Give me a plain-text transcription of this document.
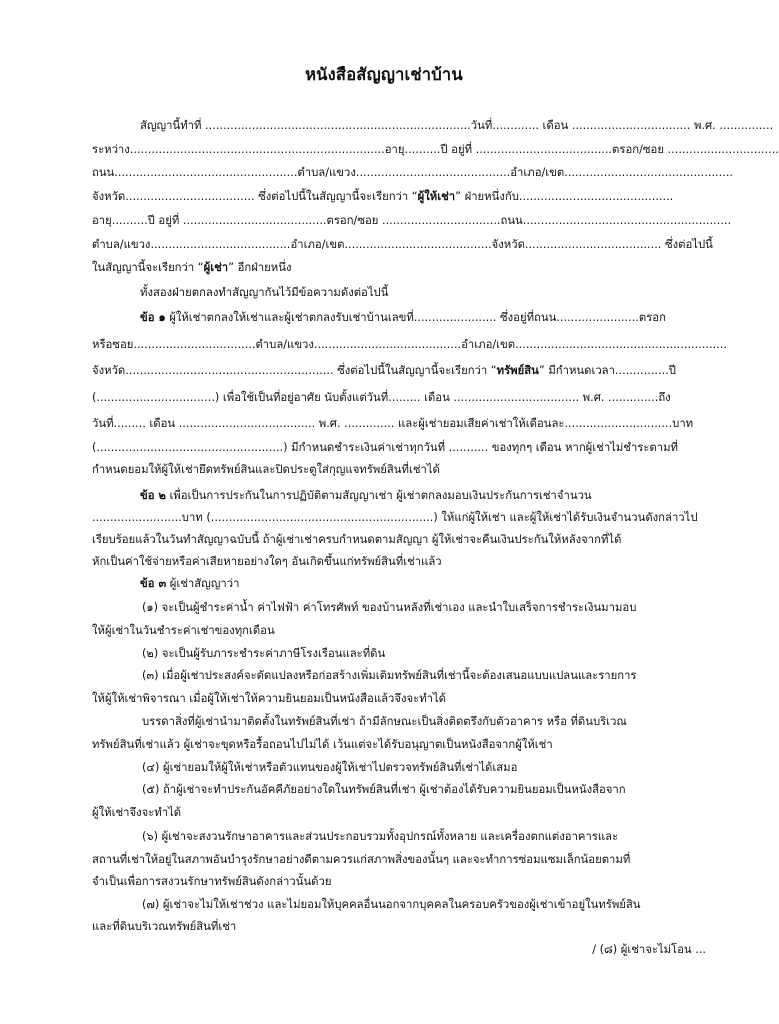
หนังสือสัญญาเช่าบ้าน
สัญญานี้ทำที่ ..........................................................................วันที่............. เดือน ................................. พ.ศ. ...............
ระหว่าง.......................................................................อายุ..........ปี อยู่ที่ ......................................ตรอก/ซอย ...............................
ถนน...................................................ตำบล/แขวง...........................................อำเภอ/เขต...............................................
จังหวัด.................................... ซึ่งต่อไปนี้ในสัญญานี้จะเรียกว่า “ผู้ให้เช่า” ฝ่ายหนึ่งกับ...........................................
อายุ..........ปี อยู่ที่ ........................................ตรอก/ซอย .................................ถนน..........................................................
ตำบล/แขวง.......................................อำเภอ/เขต.........................................จังหวัด...................................... ซึ่งต่อไปนี้
ในสัญญานี้จะเรียกว่า “ผู้เช่า” อีกฝ่ายหนึ่ง
ทั้งสองฝ่ายตกลงทำสัญญากันไว้มีข้อความดังต่อไปนี้
ข้อ ๑ ผู้ให้เช่าตกลงให้เช่าและผู้เช่าตกลงรับเช่าบ้านเลขที่....................... ซึ่งอยู่ที่ถนน.......................ตรอก
หรือซอย..................................ตำบล/แขวง.........................................อำเภอ/เขต...........................................................
จังหวัด.......................................................... ซึ่งต่อไปนี้ในสัญญานี้จะเรียกว่า “ทรัพย์สิน” มีกำหนดเวลา...............ปี
(.................................) เพื่อใช้เป็นที่อยู่อาศัย นับตั้งแต่วันที่......... เดือน ................................... พ.ศ. ..............ถึง
วันที่......... เดือน ...................................... พ.ศ. .............. และผู้เช่ายอมเสียค่าเช่าให้เดือนละ..............................บาท
(....................................................) มีกำหนดชำระเงินค่าเช่าทุกวันที่ ........... ของทุกๆ เดือน หากผู้เช่าไม่ชำระตามที่
กำหนดยอมให้ผู้ให้เช่ายึดทรัพย์สินและปิดประตูใส่กุญแจทรัพย์สินที่เช่าได้
ข้อ ๒ เพื่อเป็นการประกันในการปฏิบัติตามสัญญาเช่า ผู้เช่าตกลงมอบเงินประกันการเช่าจำนวน
.........................บาท (..............................................................) ให้แก่ผู้ให้เช่า และผู้ให้เช่าได้รับเงินจำนวนดังกล่าวไป
เรียบร้อยแล้วในวันทำสัญญาฉบับนี้ ถ้าผู้เช่าเช่าครบกำหนดตามสัญญา ผู้ให้เช่าจะคืนเงินประกันให้หลังจากที่ได้
หักเป็นค่าใช้จ่ายหรือค่าเสียหายอย่างใดๆ อันเกิดขึ้นแก่ทรัพย์สินที่เช่าแล้ว
ข้อ ๓ ผู้เช่าสัญญาว่า
(๑) จะเป็นผู้ชำระค่าน้ำ ค่าไฟฟ้า ค่าโทรศัพท์ ของบ้านหลังที่เช่าเอง และนำใบเสร็จการชำระเงินมามอบ
ให้ผู้เช่าในวันชำระค่าเช่าของทุกเดือน
(๒) จะเป็นผู้รับภาระชำระค่าภาษีโรงเรือนและที่ดิน
(๓) เมื่อผู้เช่าประสงค์จะดัดแปลงหรือก่อสร้างเพิ่มเติมทรัพย์สินที่เช่านี้จะต้องเสนอแบบแปลนและรายการ
ให้ผู้ให้เช่าพิจารณา เมื่อผู้ให้เช่าให้ความยินยอมเป็นหนังสือแล้วจึงจะทำได้
บรรดาสิ่งที่ผู้เช่านำมาติดตั้งในทรัพย์สินที่เช่า ถ้ามีลักษณะเป็นสิ่งติดตรึงกับตัวอาคาร หรือ ที่ดินบริเวณ
ทรัพย์สินที่เช่าแล้ว ผู้เช่าจะขุดหรือรื้อถอนไปไม่ได้ เว้นแต่จะได้รับอนุญาตเป็นหนังสือจากผู้ให้เช่า
(๔) ผู้เช่ายอมให้ผู้ให้เช่าหรือตัวแทนของผู้ให้เช่าไปตรวจทรัพย์สินที่เช่าได้เสมอ
(๕) ถ้าผู้เช่าจะทำประกันอัคคีภัยอย่างใดในทรัพย์สินที่เช่า ผู้เช่าต้องได้รับความยินยอมเป็นหนังสือจาก
ผู้ให้เช่าจึงจะทำได้
(๖) ผู้เช่าจะสงวนรักษาอาคารและส่วนประกอบรวมทั้งอุปกรณ์ทั้งหลาย และเครื่องตกแต่งอาคารและ
สถานที่เช่าให้อยู่ในสภาพอันบำรุงรักษาอย่างดีตามควรแก่สภาพสิ่งของนั้นๆ และจะทำการซ่อมแซมเล็กน้อยตามที่
จำเป็นเพื่อการสงวนรักษาทรัพย์สินดังกล่าวนั้นด้วย
(๗) ผู้เช่าจะไม่ให้เช่าช่วง และไม่ยอมให้บุคคลอื่นนอกจากบุคคลในครอบครัวของผู้เช่าเข้าอยู่ในทรัพย์สิน
และที่ดินบริเวณทรัพย์สินที่เช่า
/ (๘) ผู้เช่าจะไม่โอน ...
